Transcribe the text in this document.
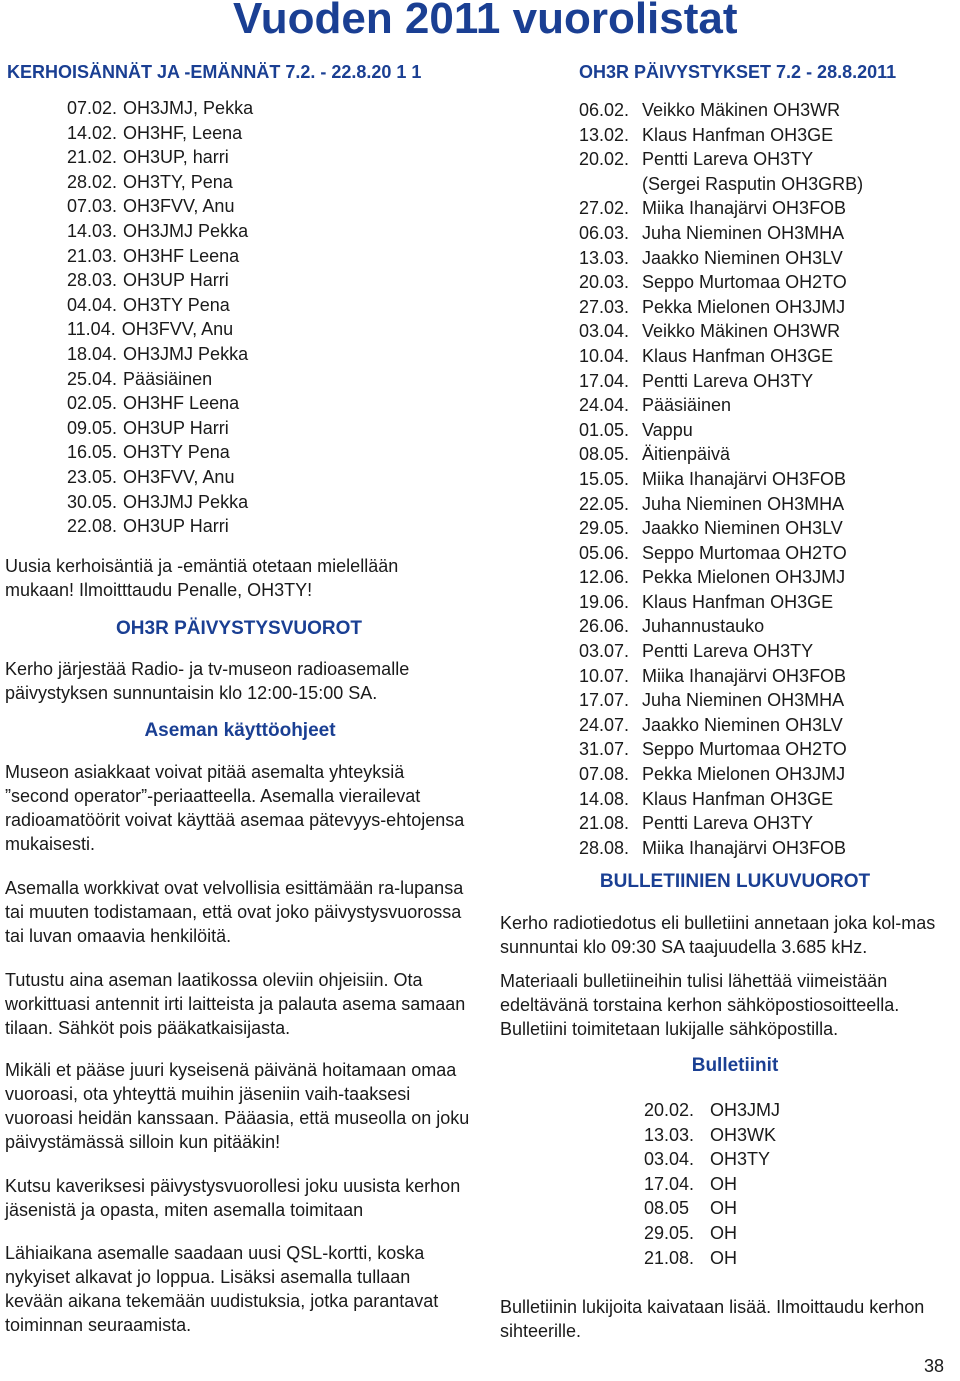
Vuoden 2011 vuorolistat

KERHOISÄNNÄT JA -EMÄNNÄT 7.2. - 22.8.20 1 1

07.02. OH3JMJ, Pekka
14.02. OH3HF, Leena
21.02. OH3UP, harri
28.02. OH3TY, Pena
07.03. OH3FVV, Anu
14.03. OH3JMJ Pekka
21.03. OH3HF Leena
28.03. OH3UP Harri
04.04. OH3TY Pena
11.04. OH3FVV, Anu
18.04. OH3JMJ Pekka
25.04. Pääsiäinen
02.05. OH3HF Leena
09.05. OH3UP Harri
16.05. OH3TY Pena
23.05. OH3FVV, Anu
30.05. OH3JMJ Pekka
22.08. OH3UP Harri

Uusia kerhoisäntiä ja -emäntiä otetaan mielellään mukaan! Ilmoitttaudu Penalle, OH3TY!

OH3R PÄIVYSTYSVUOROT

Kerho järjestää Radio- ja tv-museon radioasemalle päivystyksen sunnuntaisin klo 12:00-15:00 SA.

Aseman käyttöohjeet

Museon asiakkaat voivat pitää asemalta yhteyksiä ”second operator”-periaatteella. Asemalla vierailevat radioamatöörit voivat käyttää asemaa pätevyys-ehtojensa mukaisesti.

Asemalla workkivat ovat velvollisia esittämään ra-lupansa tai muuten todistamaan, että ovat joko päivystysvuorossa tai luvan omaavia henkilöitä.

Tutustu aina aseman laatikossa oleviin ohjeisiin. Ota workittuasi antennit irti laitteista ja palauta asema samaan tilaan. Sähköt pois pääkatkaisijasta.

Mikäli et pääse juuri kyseisenä päivänä hoitamaan omaa vuoroasi, ota yhteyttä muihin jäseniin vaih-taaksesi vuoroasi heidän kanssaan. Pääasia, että museolla on joku päivystämässä silloin kun pitääkin!

Kutsu kaveriksesi päivystysvuorollesi joku uusista kerhon jäsenistä ja opasta, miten asemalla toimitaan

Lähiaikana asemalle saadaan uusi QSL-kortti, koska nykyiset alkavat jo loppua. Lisäksi asemalla tullaan kevään aikana tekemään uudistuksia, jotka parantavat toiminnan seuraamista.

OH3R PÄIVYSTYKSET 7.2 - 28.8.2011

06.02. Veikko Mäkinen OH3WR
13.02. Klaus Hanfman OH3GE
20.02. Pentti Lareva OH3TY
(Sergei Rasputin OH3GRB)
27.02. Miika Ihanajärvi OH3FOB
06.03. Juha Nieminen OH3MHA
13.03. Jaakko Nieminen OH3LV
20.03. Seppo Murtomaa OH2TO
27.03. Pekka Mielonen OH3JMJ
03.04. Veikko Mäkinen OH3WR
10.04. Klaus Hanfman OH3GE
17.04. Pentti Lareva OH3TY
24.04. Pääsiäinen
01.05. Vappu
08.05. Äitienpäivä
15.05. Miika Ihanajärvi OH3FOB
22.05. Juha Nieminen OH3MHA
29.05. Jaakko Nieminen OH3LV
05.06. Seppo Murtomaa OH2TO
12.06. Pekka Mielonen OH3JMJ
19.06. Klaus Hanfman OH3GE
26.06. Juhannustauko
03.07. Pentti Lareva OH3TY
10.07. Miika Ihanajärvi OH3FOB
17.07. Juha Nieminen OH3MHA
24.07. Jaakko Nieminen OH3LV
31.07. Seppo Murtomaa OH2TO
07.08. Pekka Mielonen OH3JMJ
14.08. Klaus Hanfman OH3GE
21.08. Pentti Lareva OH3TY
28.08. Miika Ihanajärvi OH3FOB

BULLETIINIEN LUKUVUOROT

Kerho radiotiedotus eli bulletiini annetaan joka kol-mas sunnuntai klo 09:30 SA taajuudella 3.685 kHz.

Materiaali bulletiineihin tulisi lähettää viimeistään edeltävänä torstaina kerhon sähköpostiosoitteella. Bulletiini toimitetaan lukijalle sähköpostilla.

Bulletiinit

20.02. OH3JMJ
13.03. OH3WK
03.04. OH3TY
17.04. OH
08.05 OH
29.05. OH
21.08. OH

Bulletiinin lukijoita kaivataan lisää. Ilmoittaudu kerhon sihteerille.

38
